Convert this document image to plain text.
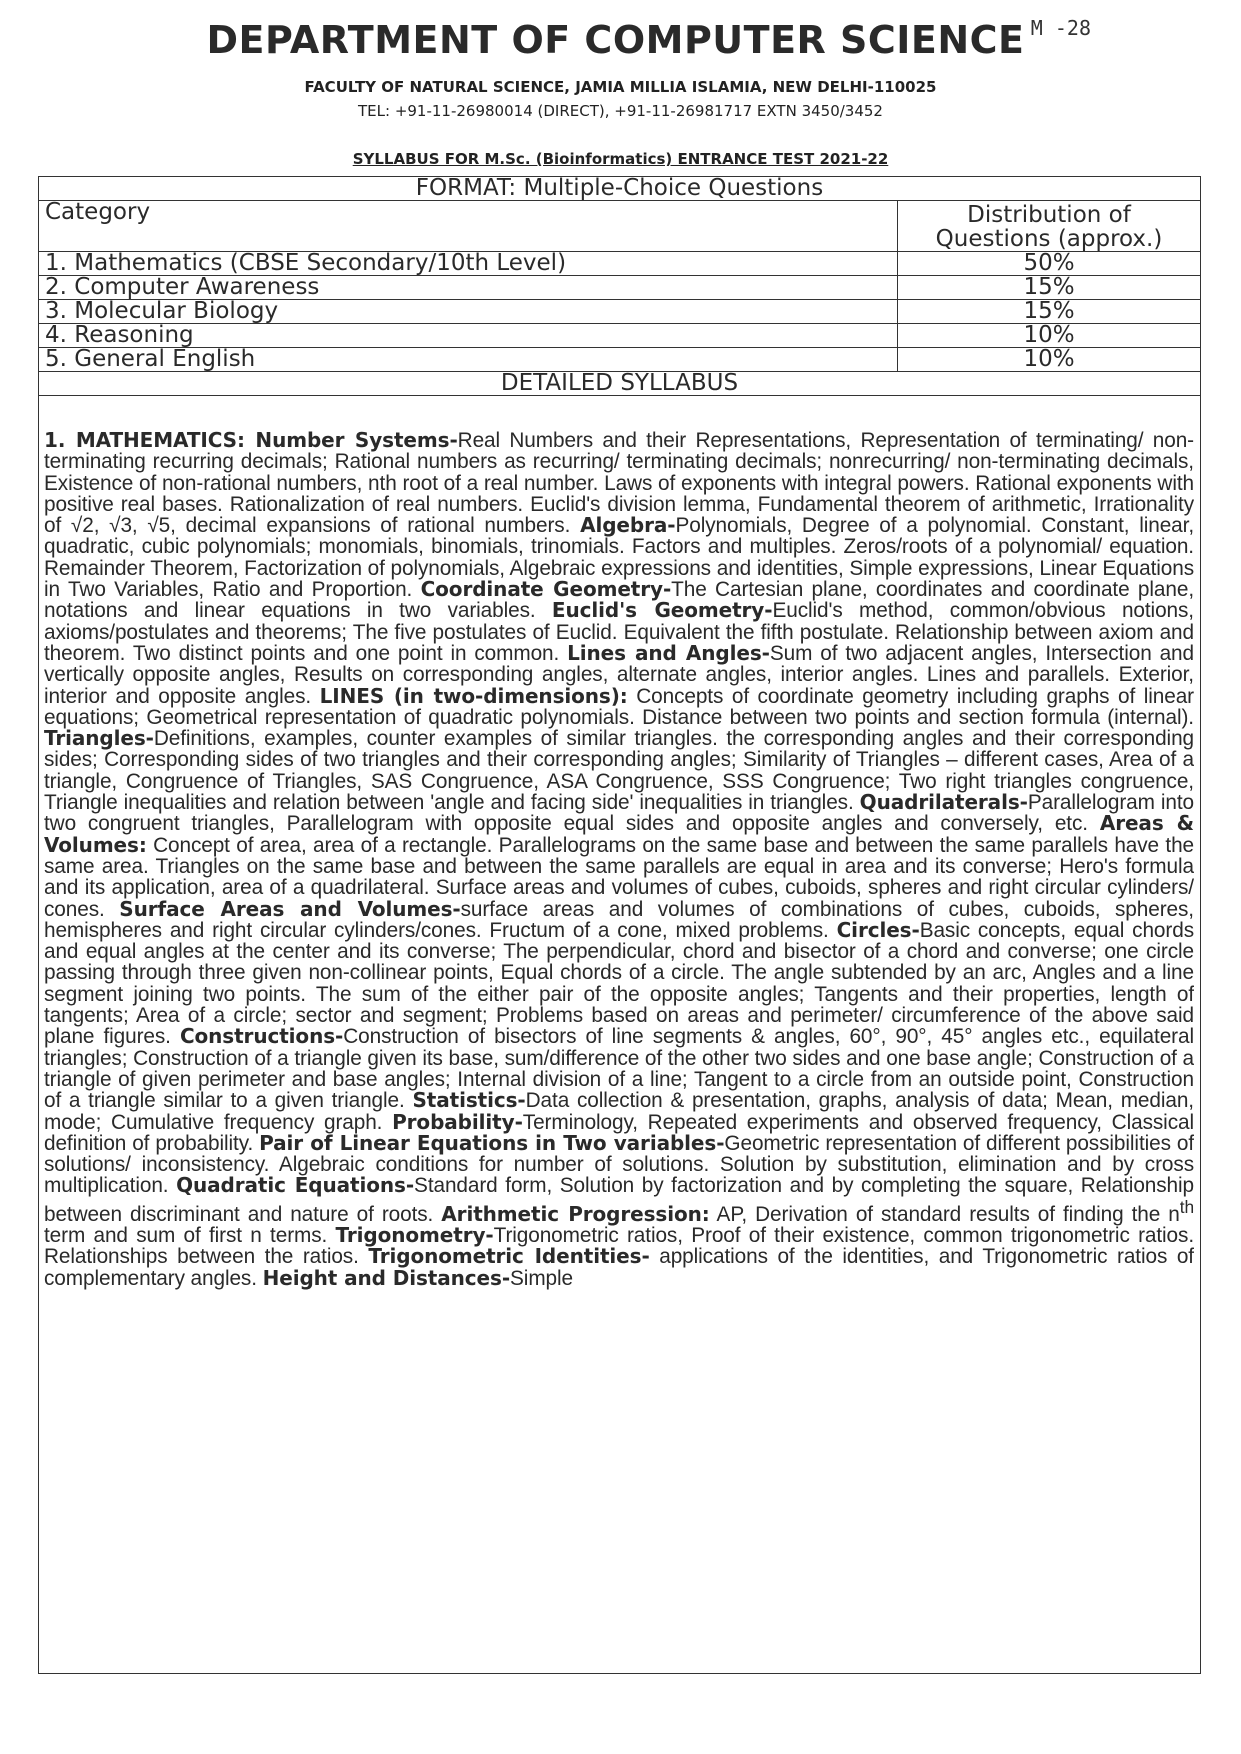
DEPARTMENT OF COMPUTER SCIENCE
FACULTY OF NATURAL SCIENCE, JAMIA MILLIA ISLAMIA, NEW DELHI-110025
TEL: +91-11-26980014 (DIRECT), +91-11-26981717 EXTN 3450/3452
M -28
SYLLABUS FOR M.Sc. (Bioinformatics) ENTRANCE TEST 2021-22
FORMAT: Multiple-Choice Questions	
Category	Distribution of
Questions (approx.)
1. Mathematics (CBSE Secondary/10th Level)	50%
2. Computer Awareness	15%
3. Molecular Biology	15%
4. Reasoning	10%
5. General English	10%
DETAILED SYLLABUS	
1. MATHEMATICS: Number Systems-Real Numbers and their Representations, Representation of terminating/ non-terminating recurring decimals; Rational numbers as recurring/ terminating decimals; nonrecurring/ non-terminating decimals, Existence of non-rational numbers, nth root of a real number. Laws of exponents with integral powers. Rational exponents with positive real bases. Rationalization of real numbers. Euclid's division lemma, Fundamental theorem of arithmetic, Irrationality of √2, √3, √5, decimal expansions of rational numbers. Algebra-Polynomials, Degree of a polynomial. Constant, linear, quadratic, cubic polynomials; monomials, binomials, trinomials. Factors and multiples. Zeros/roots of a polynomial/ equation. Remainder Theorem, Factorization of polynomials, Algebraic expressions and identities, Simple expressions, Linear Equations in Two Variables, Ratio and Proportion. Coordinate Geometry-The Cartesian plane, coordinates and coordinate plane, notations and linear equations in two variables. Euclid's Geometry-Euclid's method, common/obvious notions, axioms/postulates and theorems; The five postulates of Euclid. Equivalent the fifth postulate. Relationship between axiom and theorem. Two distinct points and one point in common. Lines and Angles-Sum of two adjacent angles, Intersection and vertically opposite angles, Results on corresponding angles, alternate angles, interior angles. Lines and parallels. Exterior, interior and opposite angles. LINES (in two-dimensions): Concepts of coordinate geometry including graphs of linear equations; Geometrical representation of quadratic polynomials. Distance between two points and section formula (internal). Triangles-Definitions, examples, counter examples of similar triangles. the corresponding angles and their corresponding sides; Corresponding sides of two triangles and their corresponding angles; Similarity of Triangles – different cases, Area of a triangle, Congruence of Triangles, SAS Congruence, ASA Congruence, SSS Congruence; Two right triangles congruence, Triangle inequalities and relation between 'angle and facing side' inequalities in triangles. Quadrilaterals-Parallelogram into two congruent triangles, Parallelogram with opposite equal sides and opposite angles and conversely, etc. Areas & Volumes: Concept of area, area of a rectangle. Parallelograms on the same base and between the same parallels have the same area. Triangles on the same base and between the same parallels are equal in area and its converse; Hero's formula and its application, area of a quadrilateral. Surface areas and volumes of cubes, cuboids, spheres and right circular cylinders/ cones. Surface Areas and Volumes-surface areas and volumes of combinations of cubes, cuboids, spheres, hemispheres and right circular cylinders/cones. Fructum of a cone, mixed problems. Circles-Basic concepts, equal chords and equal angles at the center and its converse; The perpendicular, chord and bisector of a chord and converse; one circle passing through three given non-collinear points, Equal chords of a circle. The angle subtended by an arc, Angles and a line segment joining two points. The sum of the either pair of the opposite angles; Tangents and their properties, length of tangents; Area of a circle; sector and segment; Problems based on areas and perimeter/ circumference of the above said plane figures. Constructions-Construction of bisectors of line segments & angles, 60°, 90°, 45° angles etc., equilateral triangles; Construction of a triangle given its base, sum/difference of the other two sides and one base angle; Construction of a triangle of given perimeter and base angles; Internal division of a line; Tangent to a circle from an outside point, Construction of a triangle similar to a given triangle. Statistics-Data collection & presentation, graphs, analysis of data; Mean, median, mode; Cumulative frequency graph. Probability-Terminology, Repeated experiments and observed frequency, Classical definition of probability. Pair of Linear Equations in Two variables-Geometric representation of different possibilities of solutions/ inconsistency. Algebraic conditions for number of solutions. Solution by substitution, elimination and by cross multiplication. Quadratic Equations-Standard form, Solution by factorization and by completing the square, Relationship between discriminant and nature of roots. Arithmetic Progression: AP, Derivation of standard results of finding the $n^{th}$ term and sum of first n terms. Trigonometry-Trigonometric ratios, Proof of their existence, common trigonometric ratios. Relationships between the ratios. Trigonometric Identities- applications of the identities, and Trigonometric ratios of complementary angles. Height and Distances-Simple
